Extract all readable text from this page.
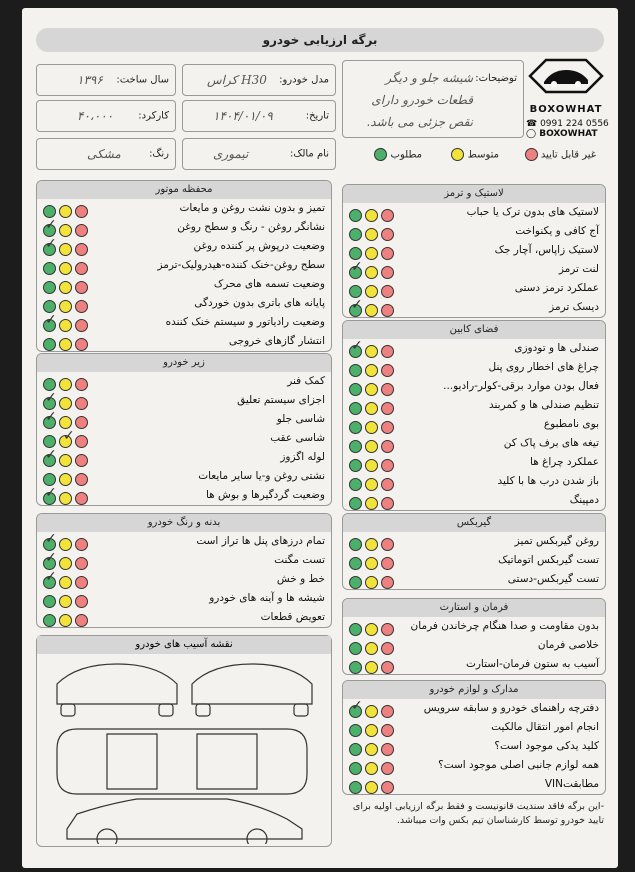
برگه ارزیابی خودرو
سال ساخت:
۱۳۹۶	مدل خودرو:
H30 کراس
کارکرد:
۴۰،۰۰۰	تاریخ:
۱۴۰۴/۰۱/۰۹
رنگ:
مشکی	نام مالک:
تیموری
توضیحات:
شیشه جلو و دیگر قطعات خودرو دارای نقص جزئی می باشد.
BOXOWHAT
☎ 0991 224 0556
◯ BOXOWHAT
غیر قابل تایید
متوسط
مطلوب
محفظه موتور
تمیز و بدون نشت روغن و مایعات
نشانگر روغن - رنگ و سطح روغن
✓
وضعیت درپوش پر کننده روغن
✓
سطح روغن-خنک کننده-هیدرولیک-ترمز
وضعیت تسمه های محرک
پایانه های باتری بدون خوردگی
وضعیت رادیاتور و سیستم خنک کننده
✓
انتشار گازهای خروجی
زیر خودرو
کمک فنر
اجزای سیستم تعلیق
✓
شاسی جلو
✓
شاسی عقب
✓
لوله اگزوز
✓
نشتی روغن و-یا سایر مایعات
وضعیت گردگیرها و بوش ها
✓
بدنه و رنگ خودرو
تمام درزهای پنل ها تراز است
✓
تست مگنت
✓
خط و خش
✓
شیشه ها و آینه های خودرو
تعویض قطعات
لاستیک و ترمز
لاستیک های بدون ترک یا حباب
آج کافی و یکنواخت
لاستیک زاپاس، آچار جک
لنت ترمز
✓
عملکرد ترمز دستی
دیسک ترمز
✓
فضای کابین
صندلی ها و تودوزی
✓
چراغ های اخطار روی پنل
فعال بودن موارد برقی-کولر-رادیو...
تنظیم صندلی ها و کمربند
بوی نامطبوع
تیغه های برف پاک کن
عملکرد چراغ ها
باز شدن درب ها با کلید
دمپینگ
گیربکس
روغن گیربکس تمیز
تست گیربکس اتوماتیک
تست گیربکس-دستی
فرمان و استارت
بدون مقاومت و صدا هنگام چرخاندن فرمان
خلاصی فرمان
آسیب به ستون فرمان-استارت
مدارک و لوازم خودرو
دفترچه راهنمای خودرو و سابقه سرویس
✓
انجام امور انتقال مالکیت
کلید یدکی موجود است؟
همه لوازم جانبی اصلی موجود است؟
مطابقتVIN
نقشه آسیب های خودرو
-این برگه فاقد سندیت قانونیست و فقط برگه ارزیابی اولیه برای تایید خودرو توسط کارشناسان تیم بکس وات میباشد.
